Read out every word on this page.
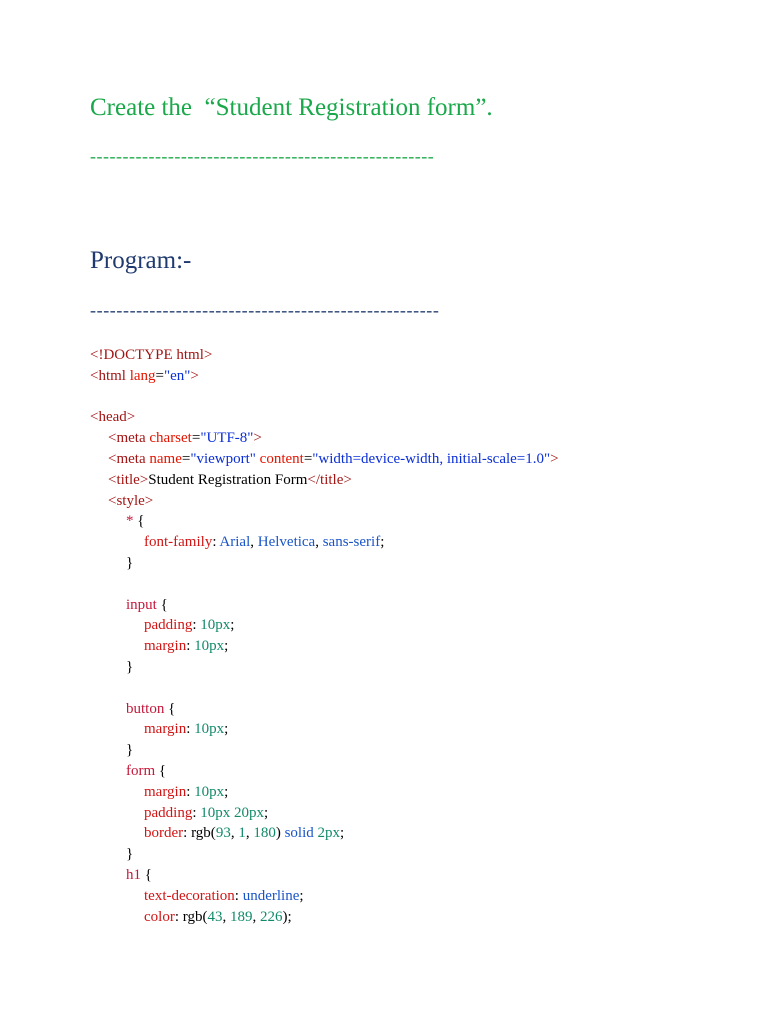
Create the  “Student Registration form”.
-----------------------------------------------------
Program:-
-----------------------------------------------------
<!DOCTYPE html>
<html lang="en">
<head>
<meta charset="UTF-8">
<meta name="viewport" content="width=device-width, initial-scale=1.0">
<title>Student Registration Form</title>
<style>
* {
font-family: Arial, Helvetica, sans-serif;
}
input {
padding: 10px;
margin: 10px;
}
button {
margin: 10px;
}
form {
margin: 10px;
padding: 10px 20px;
border: rgb(93, 1, 180) solid 2px;
}
h1 {
text-decoration: underline;
color: rgb(43, 189, 226);
